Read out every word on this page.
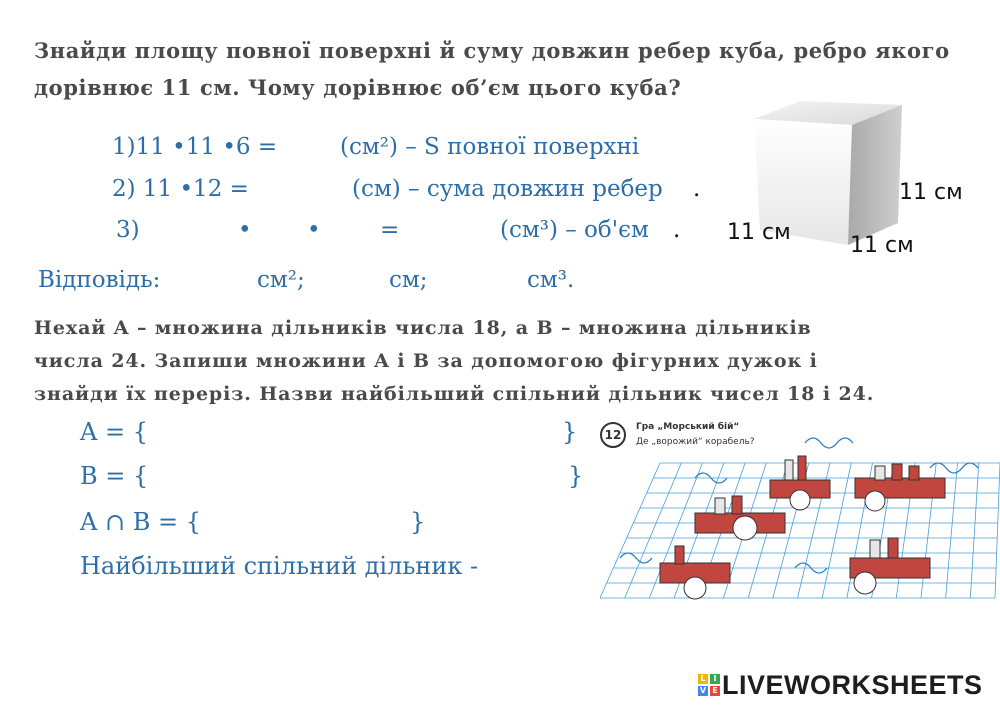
Знайди площу повної поверхні й суму довжин ребер куба, ребро якого
дорівнює 11 см. Чому дорівнює об’єм цього куба?
1)11 •11 •6 =	(см²) – S повної поверхні
2) 11 •12 =	(см) – сума довжин ребер .
3)	• •	=	(см³) – об'єм .
Відповідь:	см²;	см;	см³.
11 см
11 см
11 см
Нехай A – множина дільників числа 18, а B – множина дільників
числа 24. Запиши множини A і B за допомогою фігурних дужок і
знайди їх переріз. Назви найбільший спільний дільник чисел 18 і 24.
A = {	}
B = {	}
A ∩ B = {	}
Найбільший спільний дільник -
12
Гра „Морський бій“
Де „ворожий“ корабель?
L I
V E LIVEWORKSHEETS
